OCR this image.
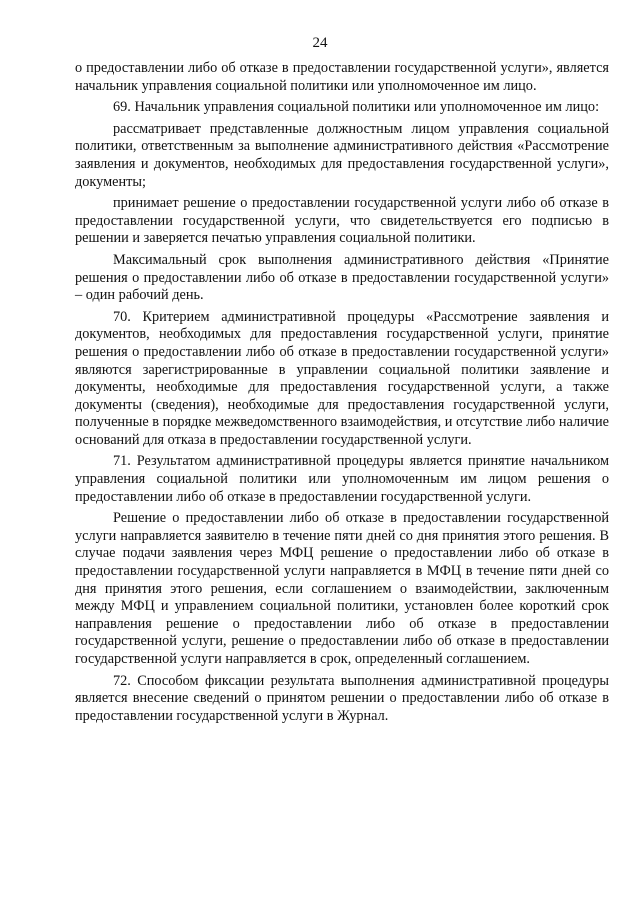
24

о предоставлении либо об отказе в предоставлении государственной услуги», является начальник управления социальной политики или уполномоченное им лицо.

69. Начальник управления социальной политики или уполномоченное им лицо:

рассматривает представленные должностным лицом управления социальной политики, ответственным за выполнение административного действия «Рассмотрение заявления и документов, необходимых для предоставления государственной услуги», документы;

принимает решение о предоставлении государственной услуги либо об отказе в предоставлении государственной услуги, что свидетельствуется его подписью в решении и заверяется печатью управления социальной политики.

Максимальный срок выполнения административного действия «Принятие решения о предоставлении либо об отказе в предоставлении государственной услуги» – один рабочий день.

70. Критерием административной процедуры «Рассмотрение заявления и документов, необходимых для предоставления государственной услуги, принятие решения о предоставлении либо об отказе в предоставлении государственной услуги» являются зарегистрированные в управлении социальной политики заявление и документы, необходимые для предоставления государственной услуги, а также документы (сведения), необходимые для предоставления государственной услуги, полученные в порядке межведомственного взаимодействия, и отсутствие либо наличие оснований для отказа в предоставлении государственной услуги.

71. Результатом административной процедуры является принятие начальником управления социальной политики или уполномоченным им лицом решения о предоставлении либо об отказе в предоставлении государственной услуги.

Решение о предоставлении либо об отказе в предоставлении государственной услуги направляется заявителю в течение пяти дней со дня принятия этого решения. В случае подачи заявления через МФЦ решение о предоставлении либо об отказе в предоставлении государственной услуги направляется в МФЦ в течение пяти дней со дня принятия этого решения, если соглашением о взаимодействии, заключенным между МФЦ и управлением социальной политики, установлен более короткий срок направления решение о предоставлении либо об отказе в предоставлении государственной услуги, решение о предоставлении либо об отказе в предоставлении государственной услуги направляется в срок, определенный соглашением.

72. Способом фиксации результата выполнения административной процедуры является внесение сведений о принятом решении о предоставлении либо об отказе в предоставлении государственной услуги в Журнал.
